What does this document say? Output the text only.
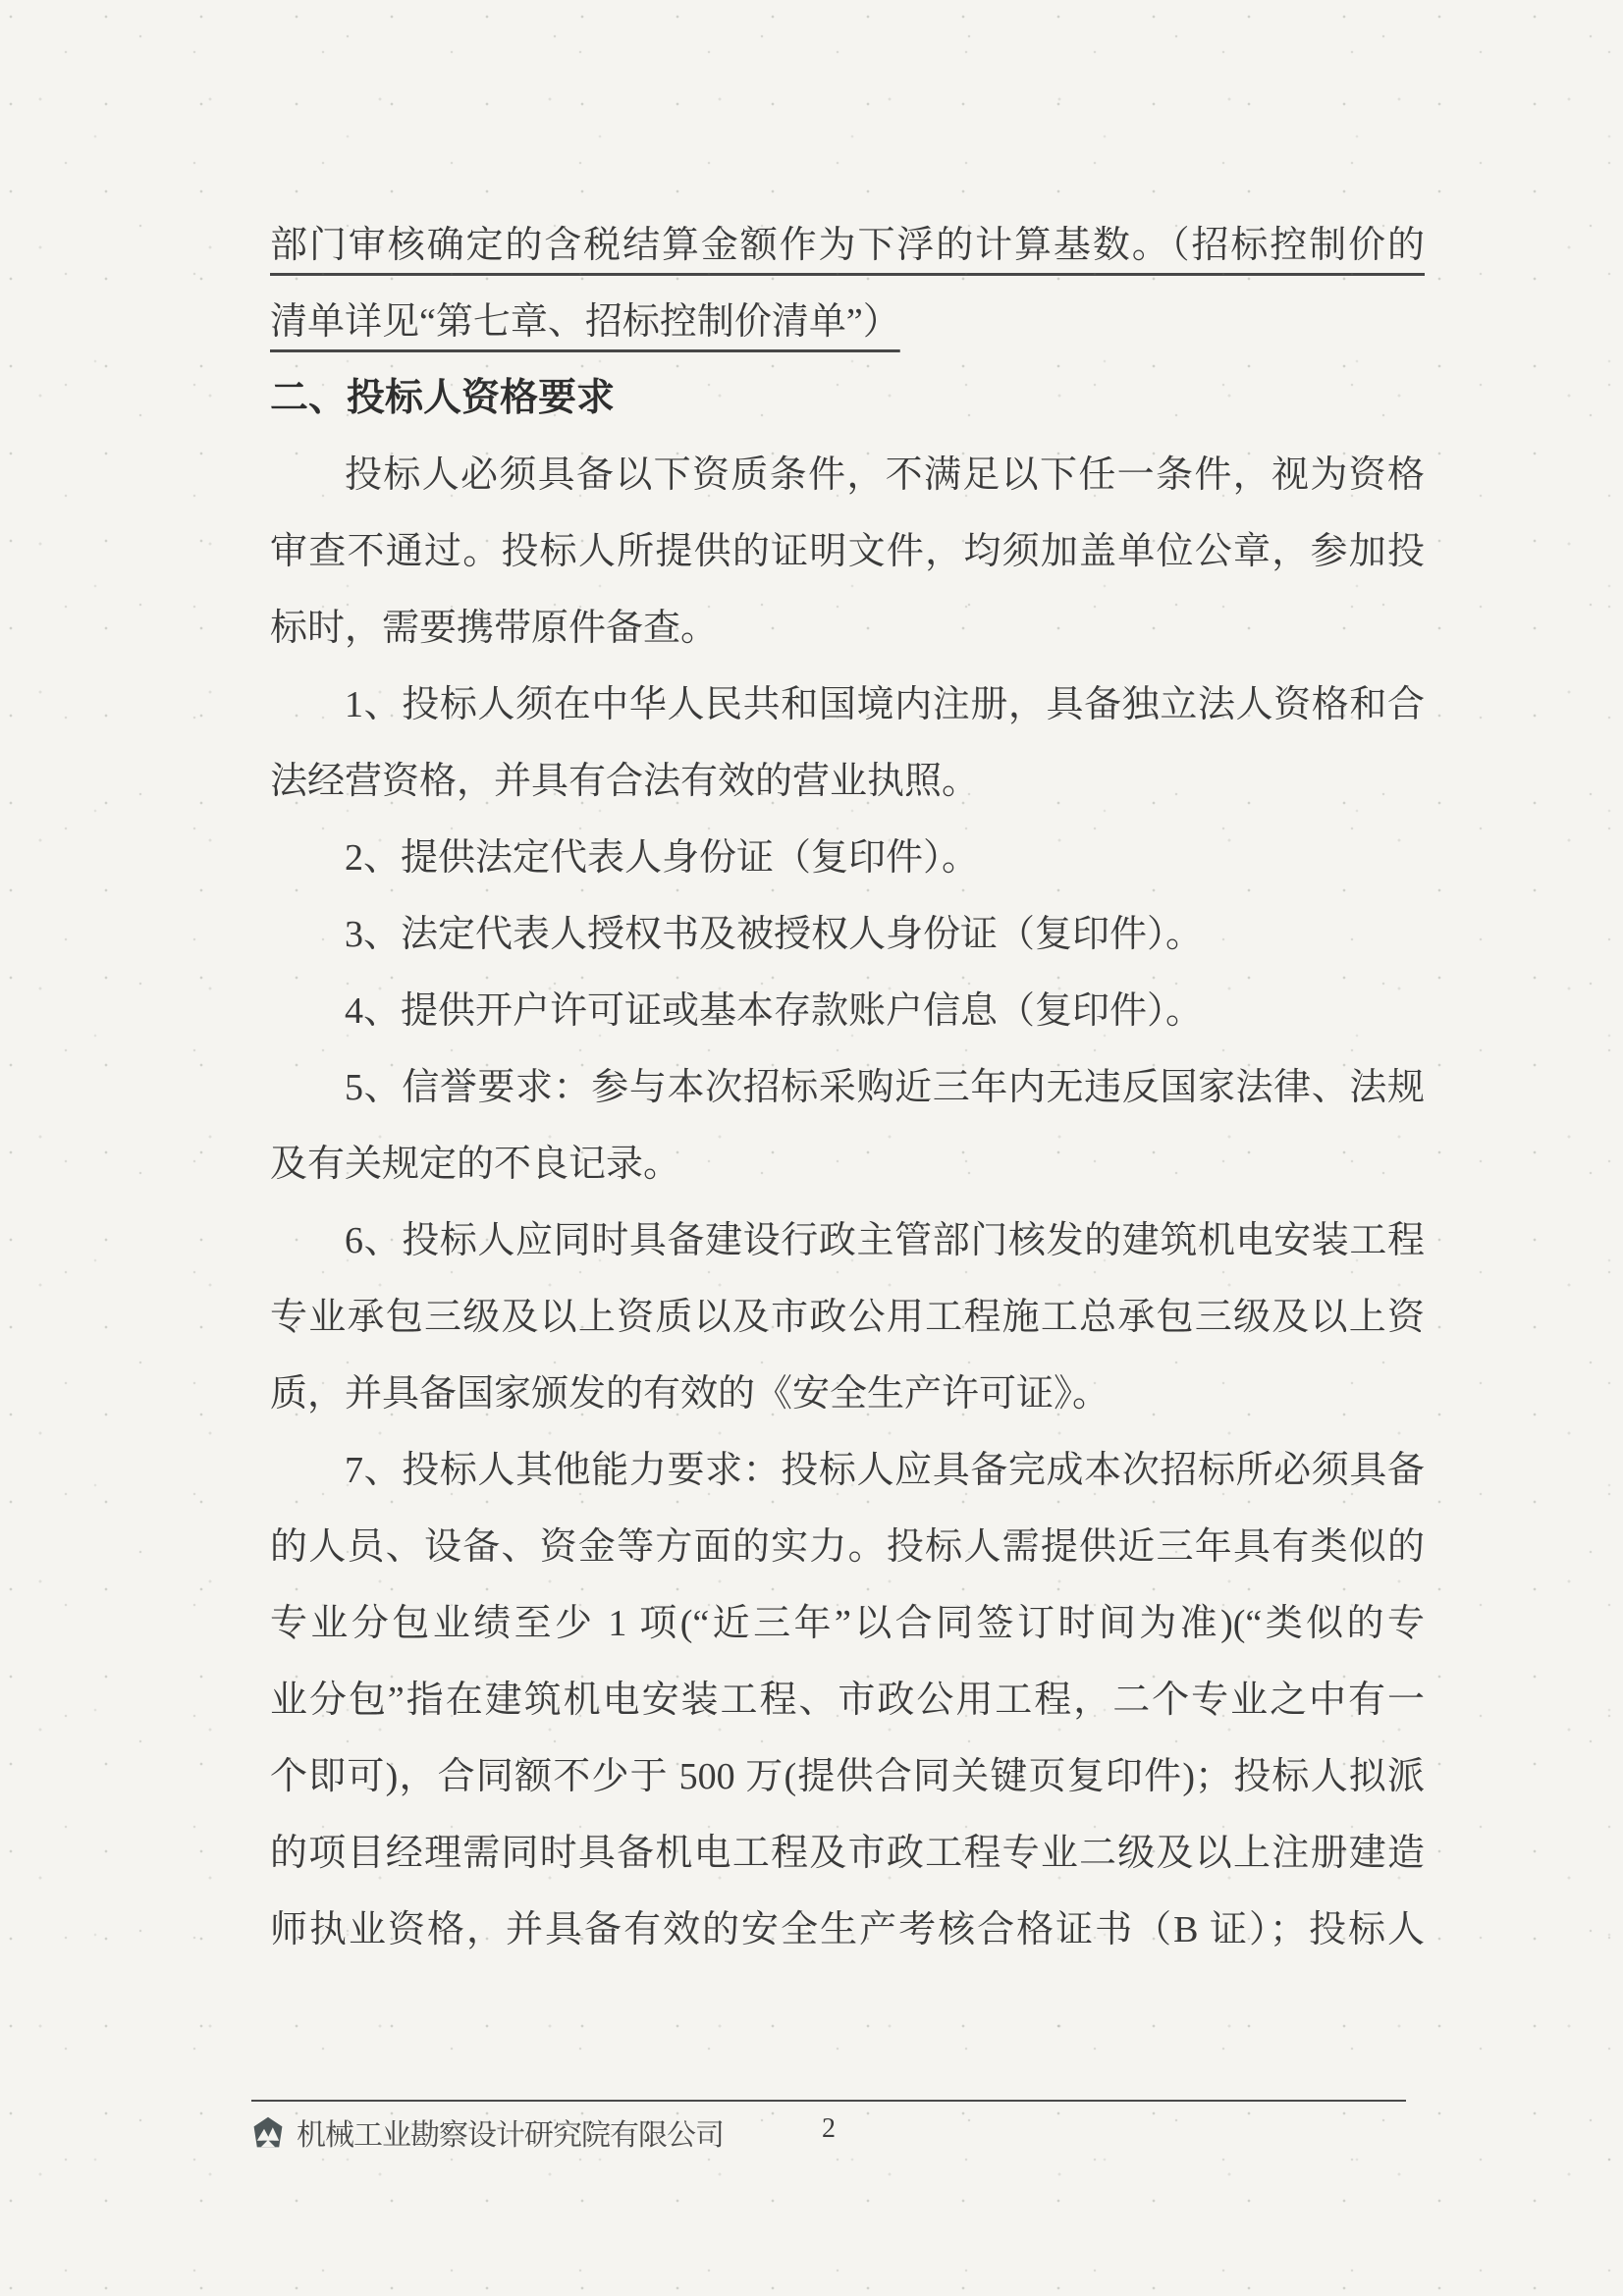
部门审核确定的含税结算金额作为下浮的计算基数。（招标控制价的
清单详见“第七章、招标控制价清单”）
二、投标人资格要求
投标人必须具备以下资质条件，不满足以下任一条件，视为资格
审查不通过。投标人所提供的证明文件，均须加盖单位公章，参加投
标时，需要携带原件备查。
1、投标人须在中华人民共和国境内注册，具备独立法人资格和合
法经营资格，并具有合法有效的营业执照。
2、提供法定代表人身份证（复印件）。
3、法定代表人授权书及被授权人身份证（复印件）。
4、提供开户许可证或基本存款账户信息（复印件）。
5、信誉要求：参与本次招标采购近三年内无违反国家法律、法规
及有关规定的不良记录。
6、投标人应同时具备建设行政主管部门核发的建筑机电安装工程
专业承包三级及以上资质以及市政公用工程施工总承包三级及以上资
质，并具备国家颁发的有效的《安全生产许可证》。
7、投标人其他能力要求：投标人应具备完成本次招标所必须具备
的人员、设备、资金等方面的实力。投标人需提供近三年具有类似的
专业分包业绩至少 1 项(“近三年”以合同签订时间为准)(“类似的专
业分包”指在建筑机电安装工程、市政公用工程，二个专业之中有一
个即可)，合同额不少于 500 万(提供合同关键页复印件)；投标人拟派
的项目经理需同时具备机电工程及市政工程专业二级及以上注册建造
师执业资格，并具备有效的安全生产考核合格证书（B 证）；投标人
机械工业勘察设计研究院有限公司	2
